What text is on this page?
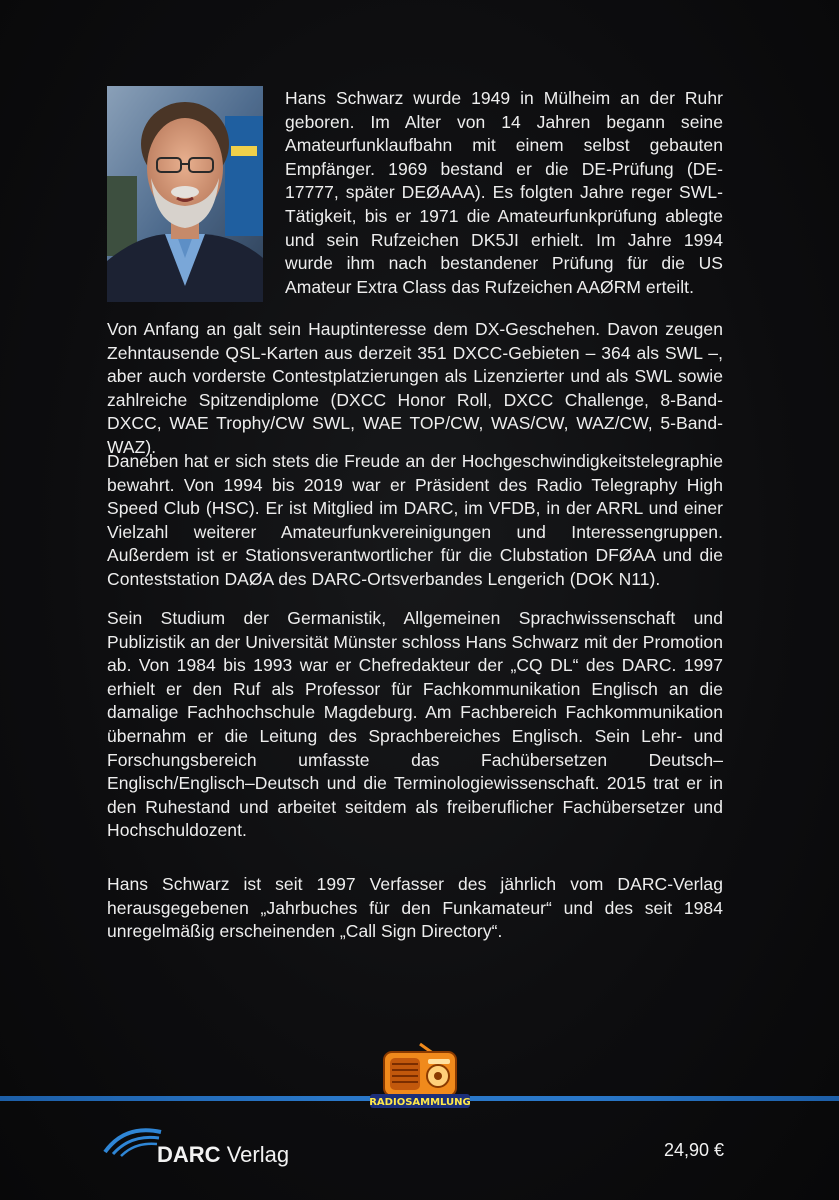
Hans Schwarz wurde 1949 in Mülheim an der Ruhr geboren. Im Alter von 14 Jahren begann seine Amateurfunklaufbahn mit einem selbst gebauten Empfänger. 1969 bestand er die DE-Prüfung (DE-17777, später DEØAAA). Es folgten Jahre reger SWL-Tätigkeit, bis er 1971 die Amateurfunkprüfung ablegte und sein Rufzeichen DK5JI erhielt. Im Jahre 1994 wurde ihm nach bestandener Prüfung für die US Amateur Extra Class das Rufzeichen AAØRM erteilt.

Von Anfang an galt sein Hauptinteresse dem DX-Geschehen. Davon zeugen Zehntausende QSL-Karten aus derzeit 351 DXCC-Gebieten – 364 als SWL –, aber auch vorderste Contestplatzierungen als Lizenzierter und als SWL sowie zahlreiche Spitzendiplome (DXCC Honor Roll, DXCC Challenge, 8-Band-DXCC, WAE Trophy/CW SWL, WAE TOP/CW, WAS/CW, WAZ/CW, 5-Band-WAZ).

Daneben hat er sich stets die Freude an der Hochgeschwindigkeitstelegraphie bewahrt. Von 1994 bis 2019 war er Präsident des Radio Telegraphy High Speed Club (HSC). Er ist Mitglied im DARC, im VFDB, in der ARRL und einer Vielzahl weiterer Amateurfunkvereinigungen und Interessengruppen. Außerdem ist er Stationsverantwortlicher für die Clubstation DFØAA und die Conteststation DAØA des DARC-Ortsverbandes Lengerich (DOK N11).

Sein Studium der Germanistik, Allgemeinen Sprachwissenschaft und Publizistik an der Universität Münster schloss Hans Schwarz mit der Promotion ab. Von 1984 bis 1993 war er Chefredakteur der „CQ DL“ des DARC. 1997 erhielt er den Ruf als Professor für Fachkommunikation Englisch an die damalige Fachhochschule Magdeburg. Am Fachbereich Fachkommunikation übernahm er die Leitung des Sprachbereiches Englisch. Sein Lehr- und Forschungsbereich umfasste das Fachübersetzen Deutsch–Englisch/Englisch–Deutsch und die Terminologiewissenschaft. 2015 trat er in den Ruhestand und arbeitet seitdem als freiberuflicher Fachübersetzer und Hochschuldozent.

Hans Schwarz ist seit 1997 Verfasser des jährlich vom DARC-Verlag herausgegebenen „Jahrbuches für den Funkamateur“ und des seit 1984 unregelmäßig erscheinenden „Call Sign Directory“.

RADIOSAMMLUNG
DARC Verlag	24,90 €
